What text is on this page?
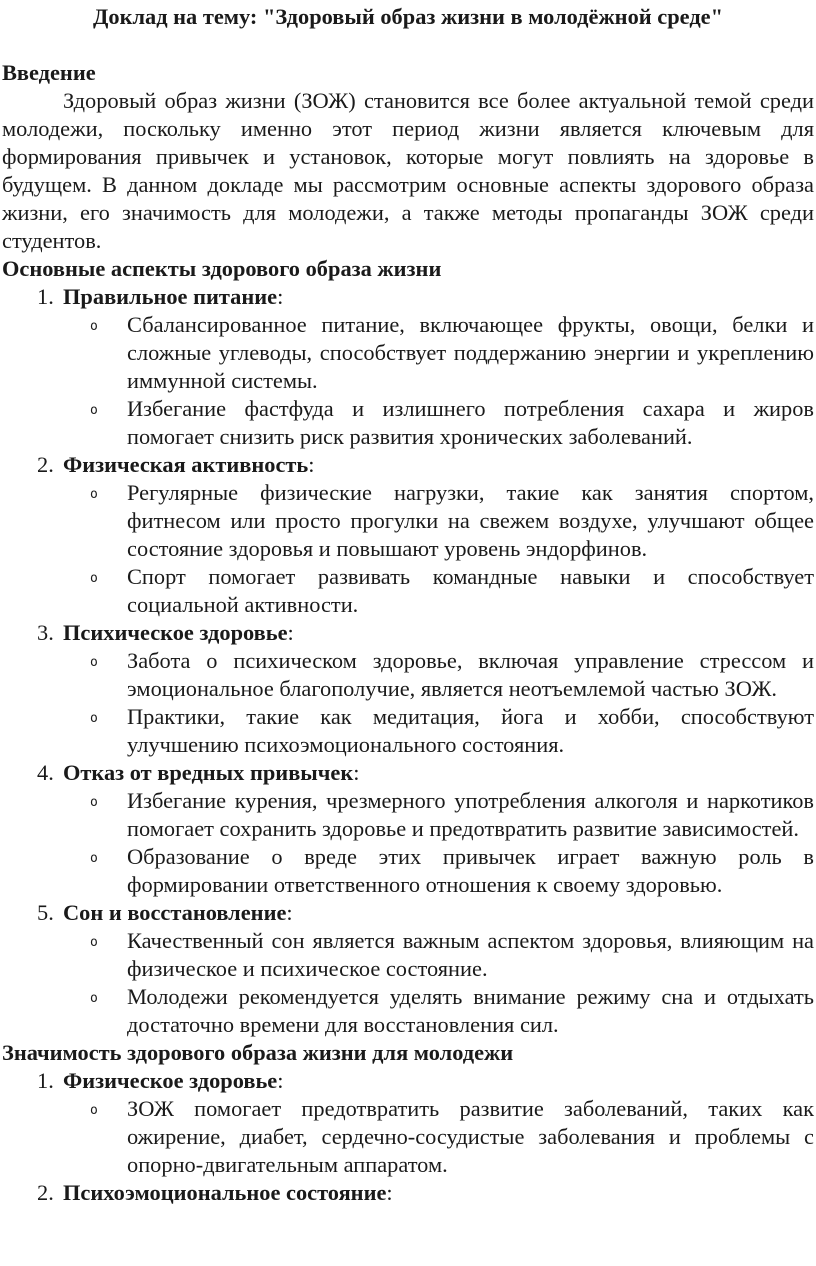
Доклад на тему: "Здоровый образ жизни в молодёжной среде"
Введение

Здоровый образ жизни (ЗОЖ) становится все более актуальной темой среди молодежи, поскольку именно этот период жизни является ключевым для формирования привычек и установок, которые могут повлиять на здоровье в будущем. В данном докладе мы рассмотрим основные аспекты здорового образа жизни, его значимость для молодежи, а также методы пропаганды ЗОЖ среди студентов.

Основные аспекты здорового образа жизни
1. Правильное питание:
o Сбалансированное питание, включающее фрукты, овощи, белки и сложные углеводы, способствует поддержанию энергии и укреплению иммунной системы.
o Избегание фастфуда и излишнего потребления сахара и жиров помогает снизить риск развития хронических заболеваний.
2. Физическая активность:
o Регулярные физические нагрузки, такие как занятия спортом, фитнесом или просто прогулки на свежем воздухе, улучшают общее состояние здоровья и повышают уровень эндорфинов.
o Спорт помогает развивать командные навыки и способствует социальной активности.
3. Психическое здоровье:
o Забота о психическом здоровье, включая управление стрессом и эмоциональное благополучие, является неотъемлемой частью ЗОЖ.
o Практики, такие как медитация, йога и хобби, способствуют улучшению психоэмоционального состояния.
4. Отказ от вредных привычек:
o Избегание курения, чрезмерного употребления алкоголя и наркотиков помогает сохранить здоровье и предотвратить развитие зависимостей.
o Образование о вреде этих привычек играет важную роль в формировании ответственного отношения к своему здоровью.
5. Сон и восстановление:
o Качественный сон является важным аспектом здоровья, влияющим на физическое и психическое состояние.
o Молодежи рекомендуется уделять внимание режиму сна и отдыхать достаточно времени для восстановления сил.
Значимость здорового образа жизни для молодежи
1. Физическое здоровье:
o ЗОЖ помогает предотвратить развитие заболеваний, таких как ожирение, диабет, сердечно-сосудистые заболевания и проблемы с опорно-двигательным аппаратом.
2. Психоэмоциональное состояние:
